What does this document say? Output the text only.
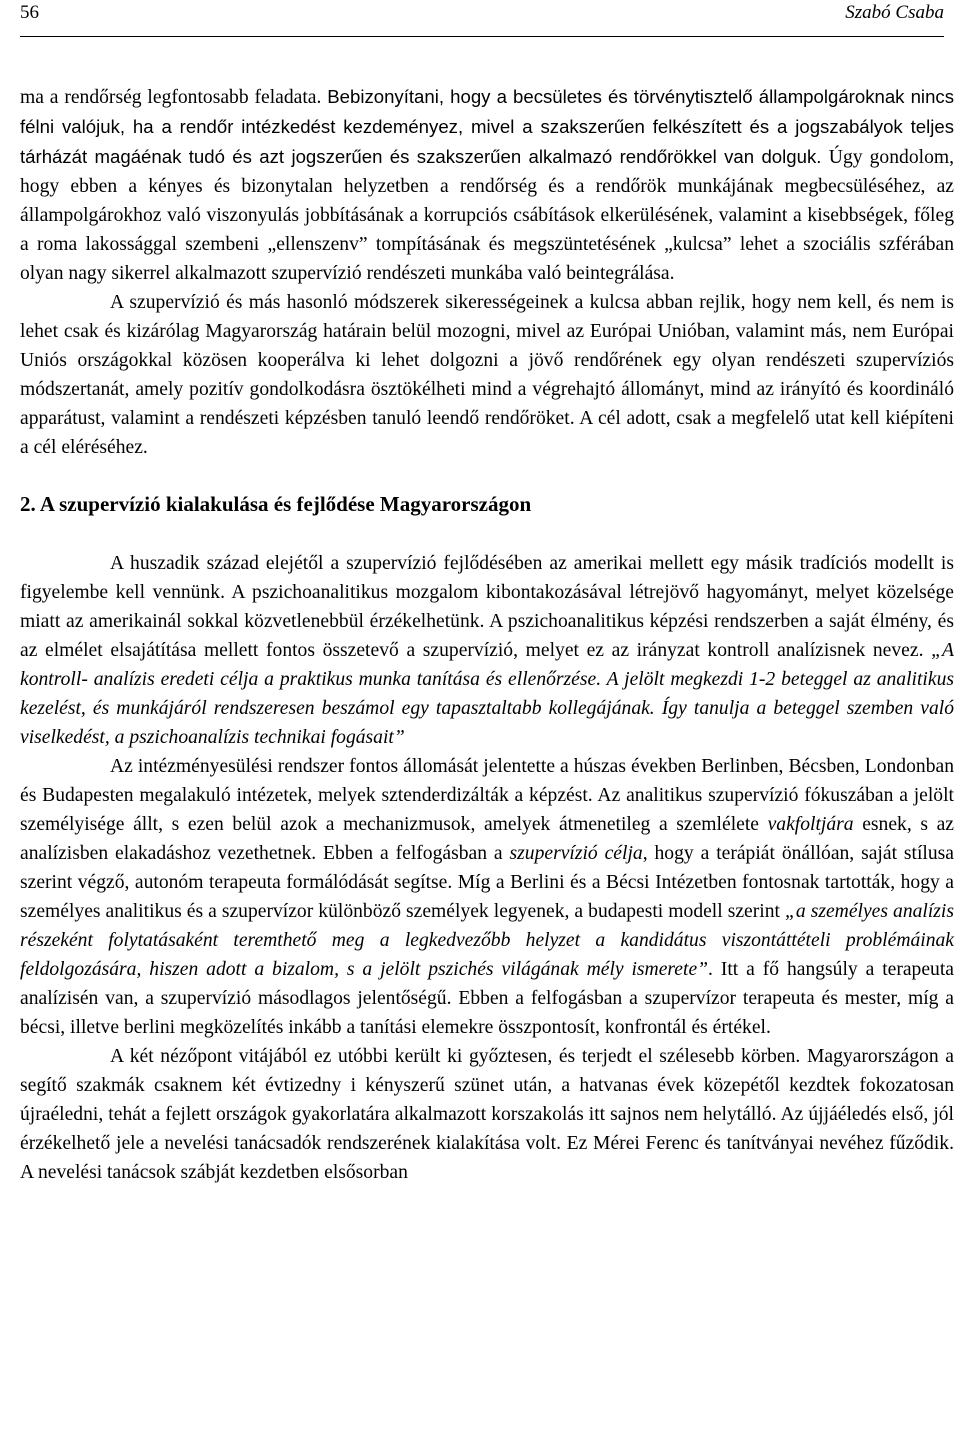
56	Szabó Csaba

ma a rendőrség legfontosabb feladata. Bebizonyítani, hogy a becsületes és törvénytisztelő állampolgároknak nincs félni valójuk, ha a rendőr intézkedést kezdeményez, mivel a szakszerűen felkészített és a jogszabályok teljes tárházát magáénak tudó és azt jogszerűen és szakszerűen alkalmazó rendőrökkel van dolguk. Úgy gondolom, hogy ebben a kényes és bizonytalan helyzetben a rendőrség és a rendőrök munkájának megbecsüléséhez, az állampolgárokhoz való viszonyulás jobbításának a korrupciós csábítások elkerülésének, valamint a kisebbségek, főleg a roma lakossággal szembeni „ellenszenv” tompításának és megszüntetésének „kulcsa” lehet a szociális szférában olyan nagy sikerrel alkalmazott szupervízió rendészeti munkába való beintegrálása.

A szupervízió és más hasonló módszerek sikerességeinek a kulcsa abban rejlik, hogy nem kell, és nem is lehet csak és kizárólag Magyarország határain belül mozogni, mivel az Európai Unióban, valamint más, nem Európai Uniós országokkal közösen kooperálva ki lehet dolgozni a jövő rendőrének egy olyan rendészeti szupervíziós módszertanát, amely pozitív gondolkodásra ösztökélheti mind a végrehajtó állományt, mind az irányító és koordináló apparátust, valamint a rendészeti képzésben tanuló leendő rendőröket. A cél adott, csak a megfelelő utat kell kiépíteni a cél eléréséhez.

2. A szupervízió kialakulása és fejlődése Magyarországon

A huszadik század elejétől a szupervízió fejlődésében az amerikai mellett egy másik tradíciós modellt is figyelembe kell vennünk. A pszichoanalitikus mozgalom kibontakozásával létrejövő hagyományt, melyet közelsége miatt az amerikainál sokkal közvetlenebbül érzékelhetünk. A pszichoanalitikus képzési rendszerben a saját élmény, és az elmélet elsajátítása mellett fontos összetevő a szupervízió, melyet ez az irányzat kontroll analízisnek nevez. „A kontroll- analízis eredeti célja a praktikus munka tanítása és ellenőrzése. A jelölt megkezdi 1-2 beteggel az analitikus kezelést, és munkájáról rendszeresen beszámol egy tapasztaltabb kollegájának. Így tanulja a beteggel szemben való viselkedést, a pszichoanalízis technikai fogásait”

Az intézményesülési rendszer fontos állomását jelentette a húszas években Berlinben, Bécsben, Londonban és Budapesten megalakuló intézetek, melyek sztenderdizálták a képzést. Az analitikus szupervízió fókuszában a jelölt személyisége állt, s ezen belül azok a mechanizmusok, amelyek átmenetileg a szemlélete vakfoltjára esnek, s az analízisben elakadáshoz vezethetnek. Ebben a felfogásban a szupervízió célja, hogy a terápiát önállóan, saját stílusa szerint végző, autonóm terapeuta formálódását segítse. Míg a Berlini és a Bécsi Intézetben fontosnak tartották, hogy a személyes analitikus és a szupervízor különböző személyek legyenek, a budapesti modell szerint „a személyes analízis részeként folytatásaként teremthető meg a legkedvezőbb helyzet a kandidátus viszontáttételi problémáinak feldolgozására, hiszen adott a bizalom, s a jelölt pszichés világának mély ismerete”. Itt a fő hangsúly a terapeuta analízisén van, a szupervízió másodlagos jelentőségű. Ebben a felfogásban a szupervízor terapeuta és mester, míg a bécsi, illetve berlini megközelítés inkább a tanítási elemekre összpontosít, konfrontál és értékel.

A két nézőpont vitájából ez utóbbi került ki győztesen, és terjedt el szélesebb körben. Magyarországon a segítő szakmák csaknem két évtizedny i kényszerű szünet után, a hatvanas évek közepétől kezdtek fokozatosan újraéledni, tehát a fejlett országok gyakorlatára alkalmazott korszakolás itt sajnos nem helytálló. Az újjáéledés első, jól érzékelhető jele a nevelési tanácsadók rendszerének kialakítása volt. Ez Mérei Ferenc és tanítványai nevéhez fűződik. A nevelési tanácsok szábját kezdetben elsősorban
